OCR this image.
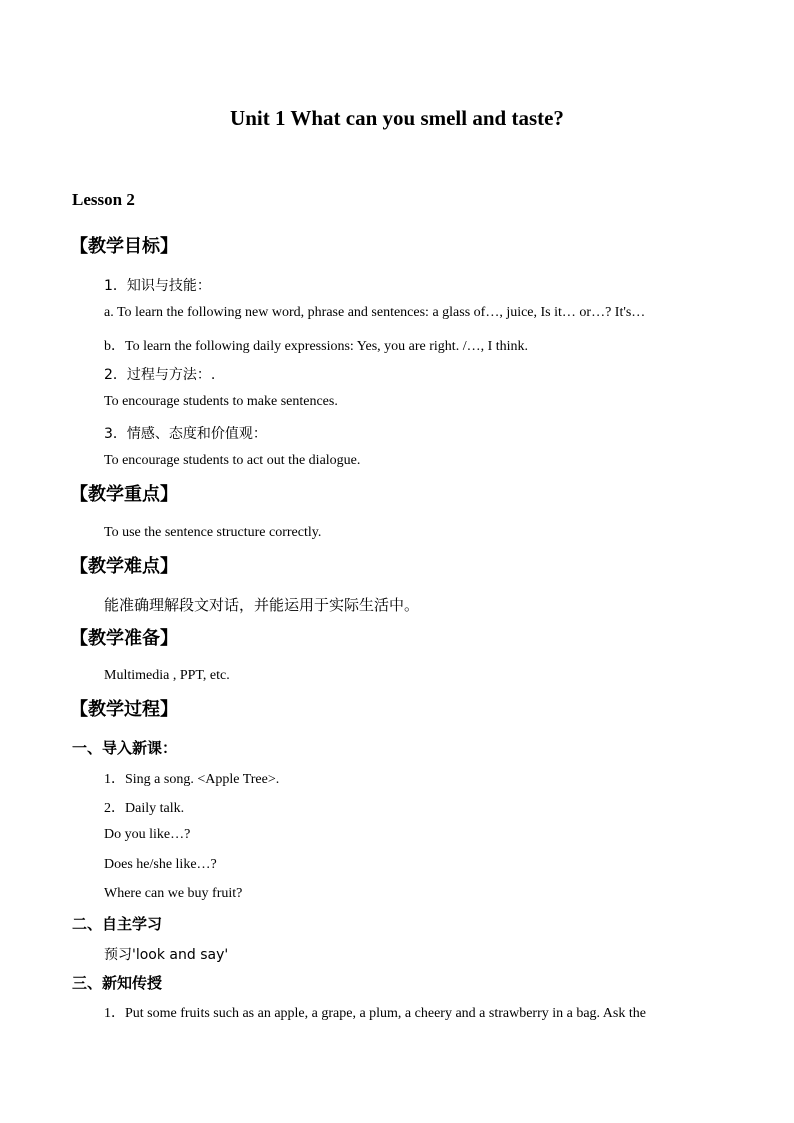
Unit 1 What can you smell and taste?
Lesson 2
【教学目标】
1．知识与技能：
a. To learn the following new word, phrase and sentences: a glass of…, juice, Is it… or…? It's…
b．To learn the following daily expressions: Yes, you are right. /…, I think.
2．过程与方法：.
To encourage students to make sentences.
3．情感、态度和价值观：
To encourage students to act out the dialogue.
【教学重点】
To use the sentence structure correctly.
【教学难点】
能准确理解段文对话，并能运用于实际生活中。
【教学准备】
Multimedia , PPT, etc.
【教学过程】
一、导入新课：
1．Sing a song. <Apple Tree>.
2．Daily talk.
Do you like…?
Does he/she like…?
Where can we buy fruit?
二、自主学习
预习'look and say'
三、新知传授
1．Put some fruits such as an apple, a grape, a plum, a cheery and a strawberry in a bag. Ask the
